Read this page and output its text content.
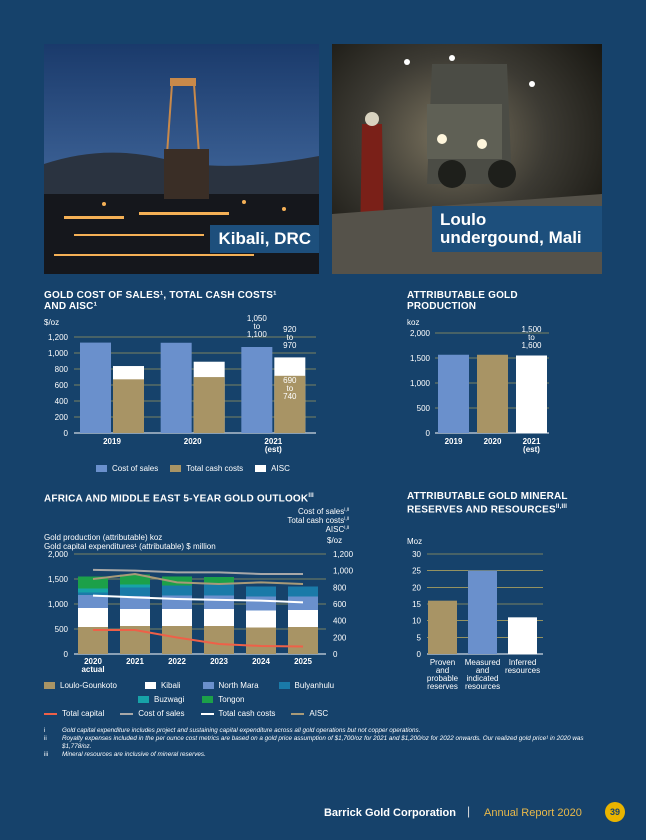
Kibali, DRC
Loulo undergound, Mali
GOLD COST OF SALES¹, TOTAL CASH COSTS¹ AND AISC¹
ATTRIBUTABLE GOLD PRODUCTION
AFRICA AND MIDDLE EAST 5-YEAR GOLD $OUTLOOK^{III}$	ATTRIBUTABLE GOLD MINERAL RESERVES AND $RESOURCES^{II,III}$
$/oz
0
200
400
600
800
1,000
1,200
2019	2020	2021 (est)
1,050 to 1,100
920 to 970
690 to 740
Cost of sales	Total cash costs	AISC
koz
0
500
1,000
1,500
2,000
2019	2020	2021 (est)
1,500 to 1,600
Gold production (attributable) koz
Gold capital expenditures¹ (attributable) $ million
Cost of sales$^{i,ii}$
Total cash costs$^{i,ii}$
$AISC^{i,ii}$
$/oz
0
500
1,000
1,500
2,000
0
200
400
600
800
1,000
1,200
2020 actual
2021	2022	2023	2024	2025
Loulo-Gounkoto	Kibali	North Mara	Bulyanhulu
Buzwagi	Tongon
Total capital	Cost of sales	Total cash costs	AISC
Moz
0
5
10
15
20
25
30
Proven and probable reserves
Measured and indicated resources
Inferred resources
i	Gold capital expenditure includes project and sustaining capital expenditure across all gold operations but not copper operations.
ii	Royalty expenses included in the per ounce cost metrics are based on a gold price assumption of $1,700/oz for 2021 and $1,200/oz for 2022 onwards. Our realized gold price¹ in 2020 was $1,778/oz.
iii	Mineral resources are inclusive of mineral reserves.
Barrick Gold Corporation | Annual Report 2020	39
